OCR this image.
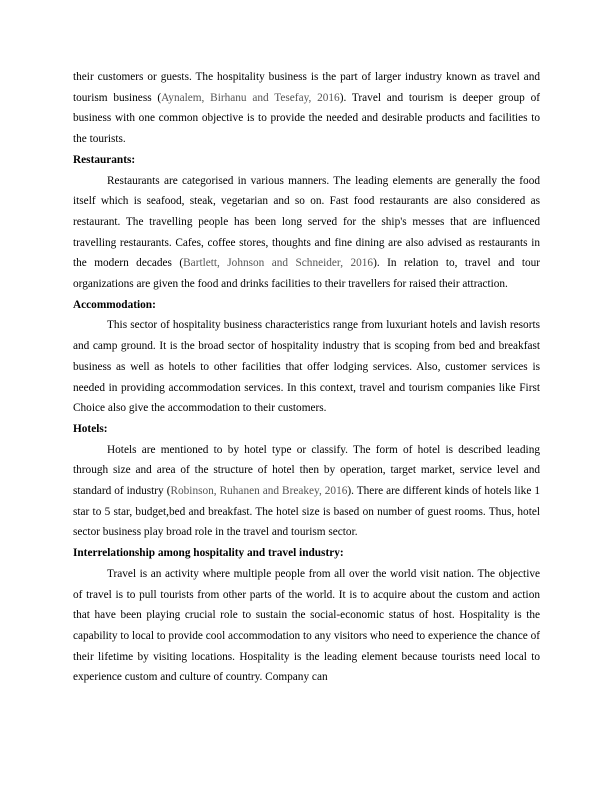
their customers or guests. The hospitality business is the part of larger industry known as travel and tourism business (Aynalem, Birhanu and Tesefay, 2016). Travel and tourism is deeper group of business with one common objective is to provide the needed and desirable products and facilities to the tourists.

Restaurants:

Restaurants are categorised in various manners. The leading elements are generally the food itself which is seafood, steak, vegetarian and so on. Fast food restaurants are also considered as restaurant. The travelling people has been long served for the ship's messes that are influenced travelling restaurants. Cafes, coffee stores, thoughts and fine dining are also advised as restaurants in the modern decades (Bartlett, Johnson and Schneider, 2016). In relation to, travel and tour organizations are given the food and drinks facilities to their travellers for raised their attraction.

Accommodation:

This sector of hospitality business characteristics range from luxuriant hotels and lavish resorts and camp ground. It is the broad sector of hospitality industry that is scoping from bed and breakfast business as well as hotels to other facilities that offer lodging services. Also, customer services is needed in providing accommodation services. In this context, travel and tourism companies like First Choice also give the accommodation to their customers.

Hotels:

Hotels are mentioned to by hotel type or classify. The form of hotel is described leading through size and area of the structure of hotel then by operation, target market, service level and standard of industry (Robinson, Ruhanen and Breakey, 2016). There are different kinds of hotels like 1 star to 5 star, budget,bed and breakfast. The hotel size is based on number of guest rooms. Thus, hotel sector business play broad role in the travel and tourism sector.

Interrelationship among hospitality and travel industry:

Travel is an activity where multiple people from all over the world visit nation. The objective of travel is to pull tourists from other parts of the world. It is to acquire about the custom and action that have been playing crucial role to sustain the social-economic status of host. Hospitality is the capability to local to provide cool accommodation to any visitors who need to experience the chance of their lifetime by visiting locations. Hospitality is the leading element because tourists need local to experience custom and culture of country. Company can
